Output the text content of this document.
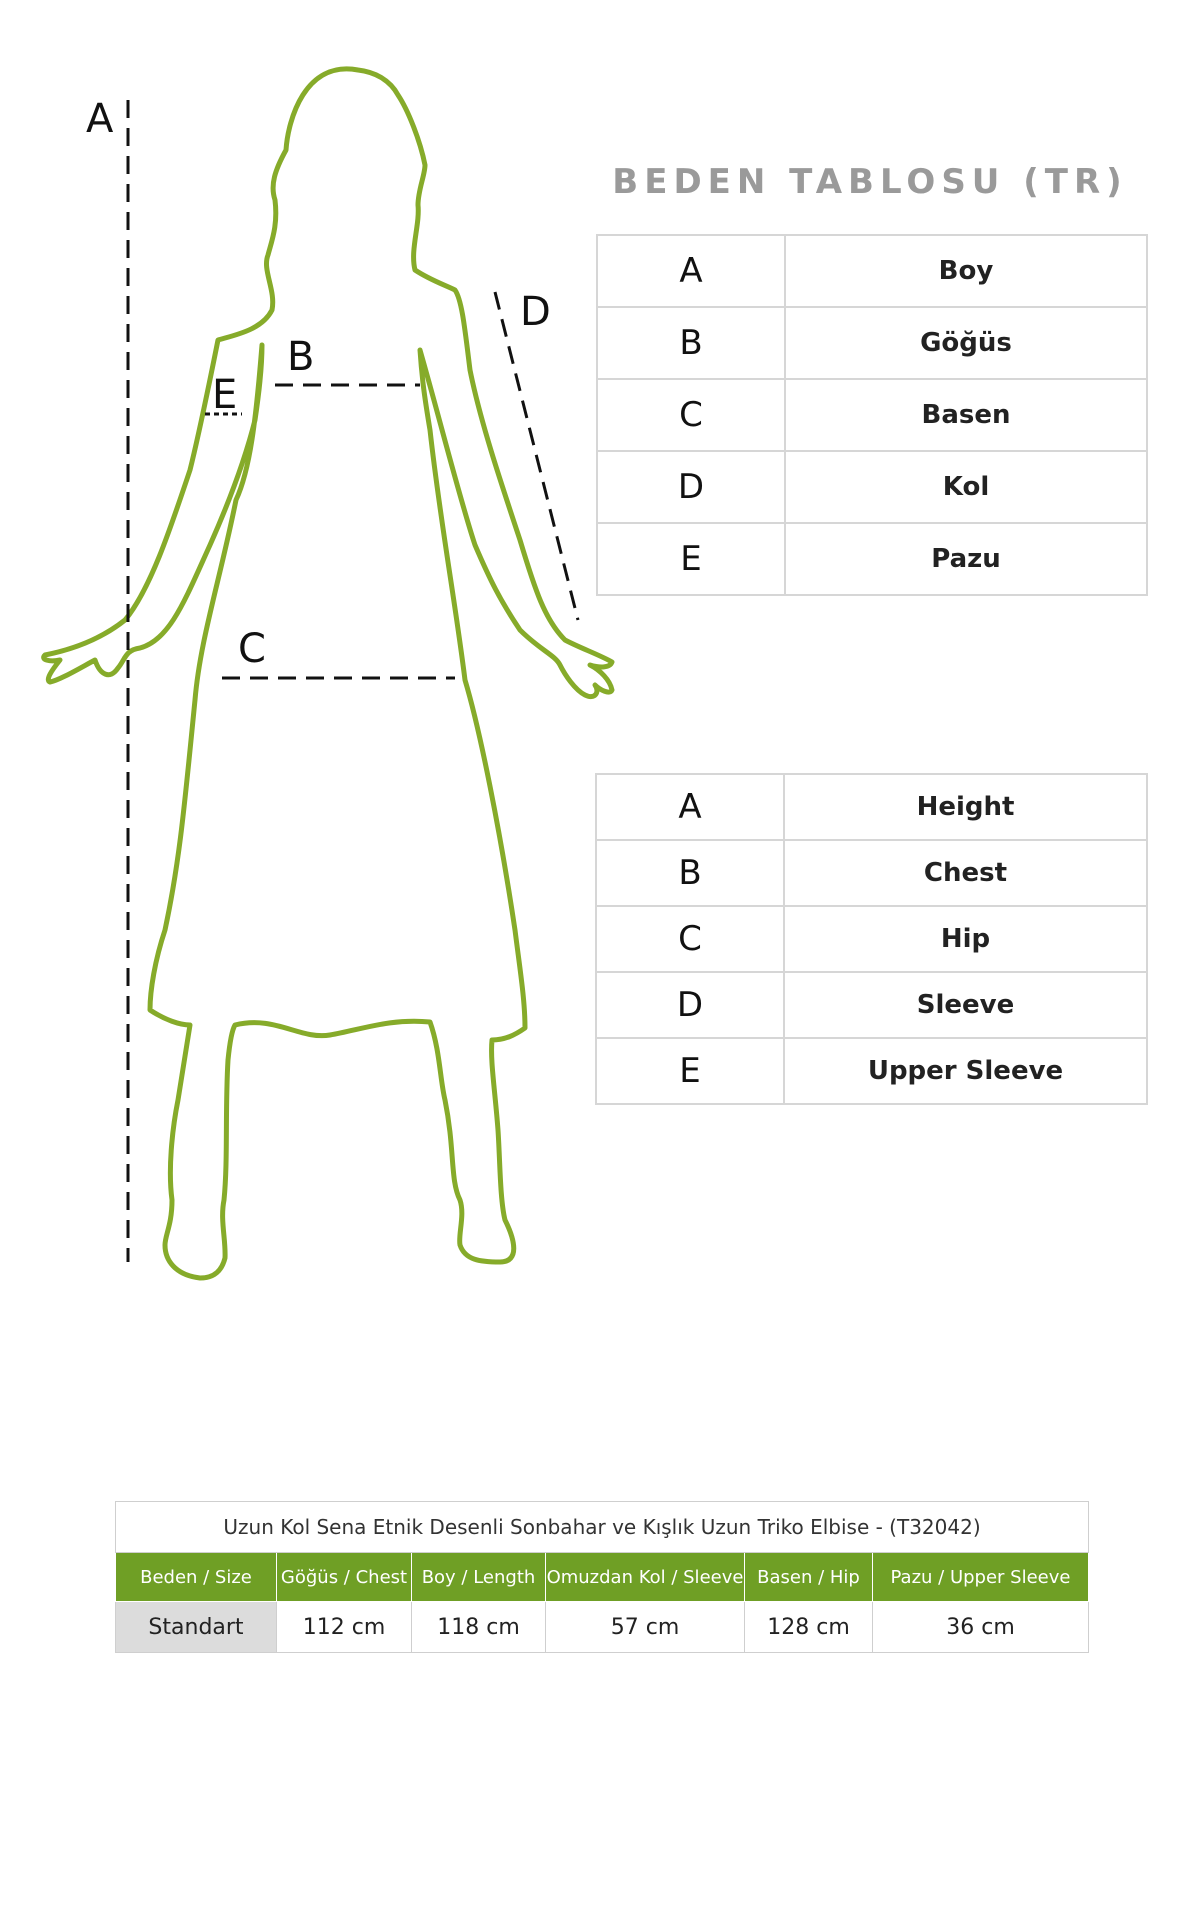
A
B
C
D
E
BEDEN TABLOSU (TR)
A	Boy
B	Göğüs
C	Basen
D	Kol
E	Pazu
A	Height
B	Chest
C	Hip
D	Sleeve
E	Upper Sleeve
Uzun Kol Sena Etnik Desenli Sonbahar ve Kışlık Uzun Triko Elbise - (T32042)					
Beden / Size	Göğüs / Chest	Boy / Length	Omuzdan Kol / Sleeve	Basen / Hip	Pazu / Upper Sleeve
Standart	112 cm	118 cm	57 cm	128 cm	36 cm
